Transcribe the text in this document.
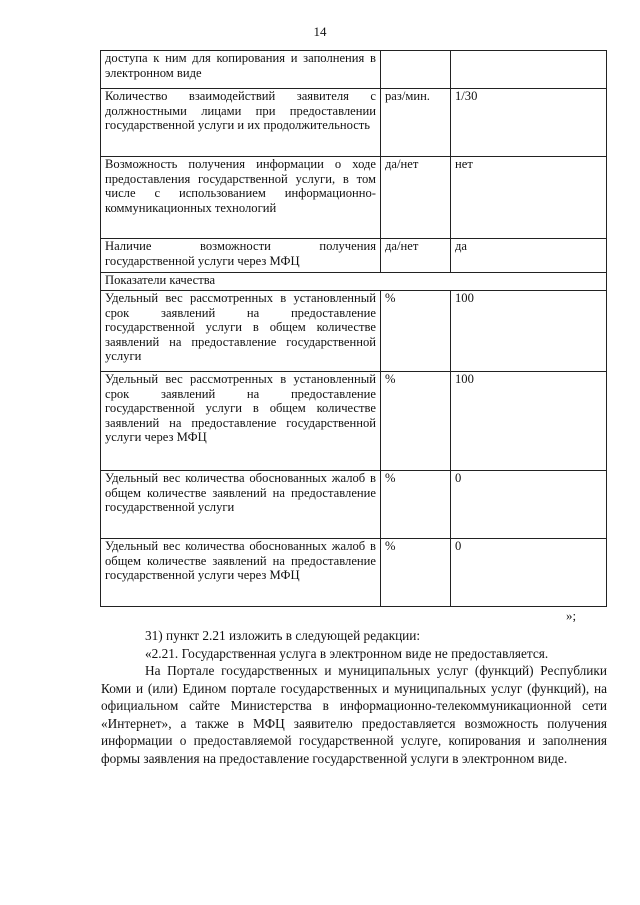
14
доступа к ним для копирования и заполнения в электронном виде		
Количество взаимодействий заявителя с должностными лицами при предоставлении государственной услуги и их продолжительность	раз/мин.	1/30
Возможность получения информации о ходе предоставления государственной услуги, в том числе с использованием информационно-коммуникационных технологий	да/нет	нет
Наличие возможности получения государственной услуги через МФЦ	да/нет	да
Показатели качества		
Удельный вес рассмотренных в установленный срок заявлений на предоставление государственной услуги в общем количестве заявлений на предоставление государственной услуги	%	100
Удельный вес рассмотренных в установленный срок заявлений на предоставление государственной услуги в общем количестве заявлений на предоставление государственной услуги через МФЦ	%	100
Удельный вес количества обоснованных жалоб в общем количестве заявлений на предоставление государственной услуги	%	0
Удельный вес количества обоснованных жалоб в общем количестве заявлений на предоставление государственной услуги через МФЦ	%	0
»;

31) пункт 2.21 изложить в следующей редакции:

«2.21. Государственная услуга в электронном виде не предоставляется.

На Портале государственных и муниципальных услуг (функций) Республики Коми и (или) Едином портале государственных и муниципальных услуг (функций), на официальном сайте Министерства в информационно-телекоммуникационной сети «Интернет», а также в МФЦ заявителю предоставляется возможность получения информации о предоставляемой государственной услуге, копирования и заполнения формы заявления на предоставление государственной услуги в электронном виде.
